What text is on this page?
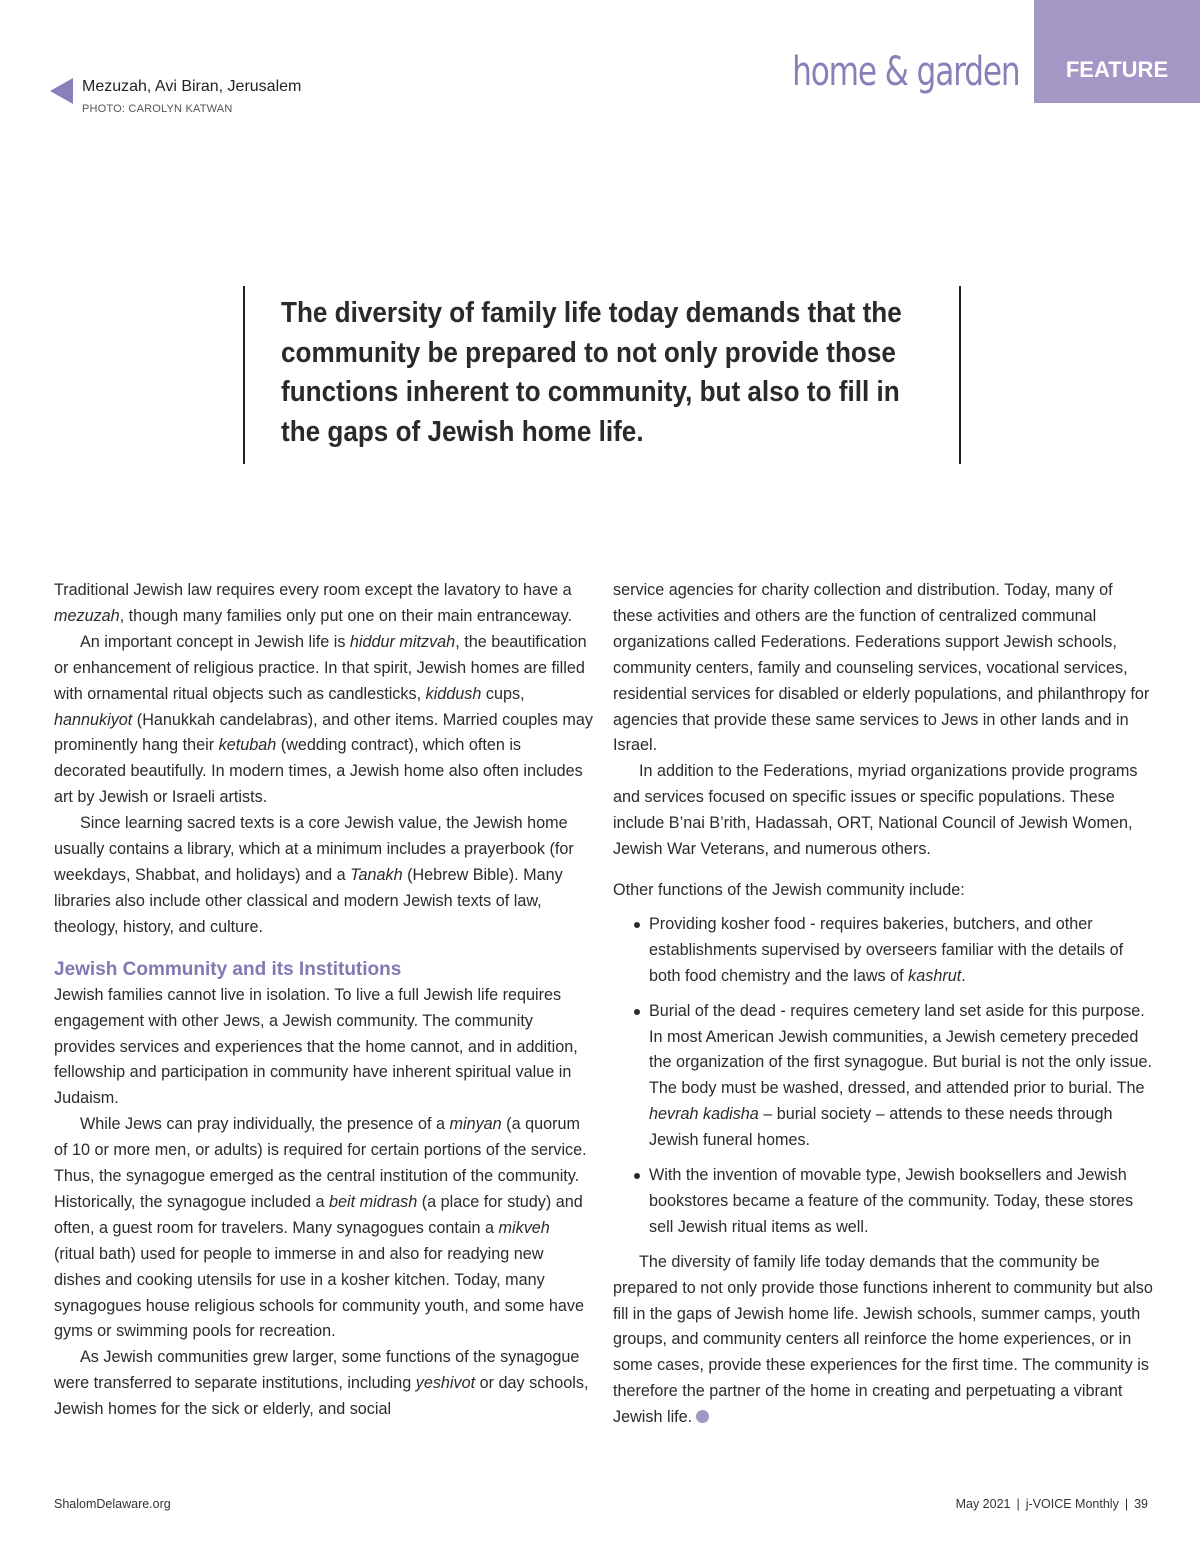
home & garden	FEATURE
Mezuzah, Avi Biran, Jerusalem
PHOTO: CAROLYN KATWAN

The diversity of family life today demands that the community be prepared to not only provide those functions inherent to community, but also to fill in the gaps of Jewish home life.

Traditional Jewish law requires every room except the lavatory to have a mezuzah, though many families only put one on their main entranceway.

An important concept in Jewish life is hiddur mitzvah, the beautification or enhancement of religious practice. In that spirit, Jewish homes are filled with ornamental ritual objects such as candlesticks, kiddush cups, hannukiyot (Hanukkah candelabras), and other items. Married couples may prominently hang their ketubah (wedding contract), which often is decorated beautifully. In modern times, a Jewish home also often includes art by Jewish or Israeli artists.

Since learning sacred texts is a core Jewish value, the Jewish home usually contains a library, which at a minimum includes a prayerbook (for weekdays, Shabbat, and holidays) and a Tanakh (Hebrew Bible). Many libraries also include other classical and modern Jewish texts of law, theology, history, and culture.

Jewish Community and its Institutions

Jewish families cannot live in isolation. To live a full Jewish life requires engagement with other Jews, a Jewish community. The community provides services and experiences that the home cannot, and in addition, fellowship and participation in community have inherent spiritual value in Judaism.

While Jews can pray individually, the presence of a minyan (a quorum of 10 or more men, or adults) is required for certain portions of the service. Thus, the synagogue emerged as the central institution of the community. Historically, the synagogue included a beit midrash (a place for study) and often, a guest room for travelers. Many synagogues contain a mikveh (ritual bath) used for people to immerse in and also for readying new dishes and cooking utensils for use in a kosher kitchen. Today, many synagogues house religious schools for community youth, and some have gyms or swimming pools for recreation.

As Jewish communities grew larger, some functions of the synagogue were transferred to separate institutions, including yeshivot or day schools, Jewish homes for the sick or elderly, and social

service agencies for charity collection and distribution. Today, many of these activities and others are the function of centralized communal organizations called Federations. Federations support Jewish schools, community centers, family and counseling services, vocational services, residential services for disabled or elderly populations, and philanthropy for agencies that provide these same services to Jews in other lands and in Israel.

In addition to the Federations, myriad organizations provide programs and services focused on specific issues or specific populations. These include B’nai B’rith, Hadassah, ORT, National Council of Jewish Women, Jewish War Veterans, and numerous others.

Other functions of the Jewish community include:

Providing kosher food - requires bakeries, butchers, and other establishments supervised by overseers familiar with the details of both food chemistry and the laws of kashrut.
Burial of the dead - requires cemetery land set aside for this purpose. In most American Jewish communities, a Jewish cemetery preceded the organization of the first synagogue. But burial is not the only issue. The body must be washed, dressed, and attended prior to burial. The hevrah kadisha – burial society – attends to these needs through Jewish funeral homes.
With the invention of movable type, Jewish booksellers and Jewish bookstores became a feature of the community. Today, these stores sell Jewish ritual items as well.

The diversity of family life today demands that the community be prepared to not only provide those functions inherent to community but also fill in the gaps of Jewish home life. Jewish schools, summer camps, youth groups, and community centers all reinforce the home experiences, or in some cases, provide these experiences for the first time. The community is therefore the partner of the home in creating and perpetuating a vibrant Jewish life.

ShalomDelaware.org	May 2021 | j-VOICE Monthly | 39
